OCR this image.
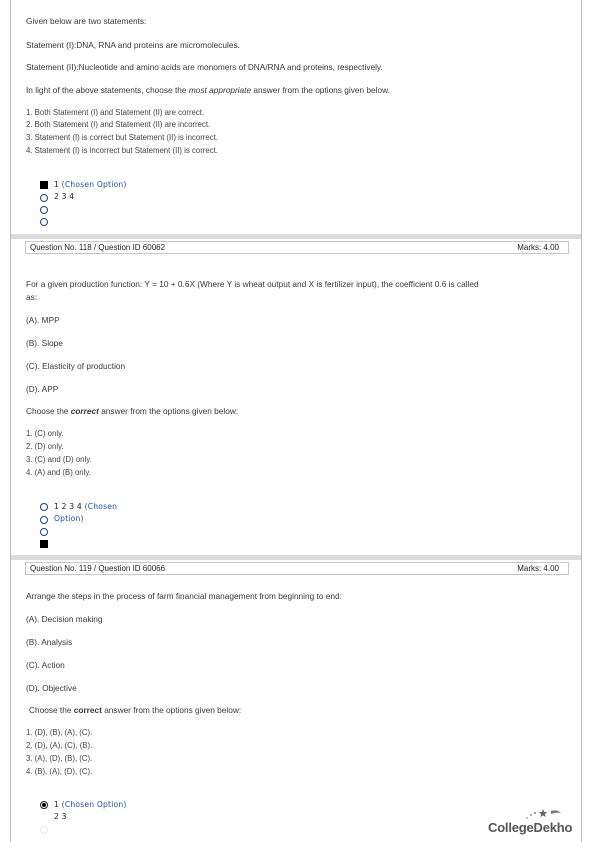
Given below are two statements:
Statement (I):DNA, RNA and proteins are micromolecules.
Statement (II):Nucleotide and amino acids are monomers of DNA/RNA and proteins, respectively.
In light of the above statements, choose the most appropriate answer from the options given below.
1. Both Statement (I) and Statement (II) are correct.
2. Both Statement (I) and Statement (II) are incorrect.
3. Statement (I) is correct but Statement (II) is incorrect.
4. Statement (I) is incorrect but Statement (II) is correct.
1 (Chosen Option)
2 3 4
Question No. 118 / Question ID 60062	Marks: 4.00
For a given production function: Y = 10 + 0.6X (Where Y is wheat output and X is fertilizer input), the coefficient 0.6 is called
as:
(A). MPP
(B). Slope
(C). Elasticity of production
(D). APP
Choose the correct answer from the options given below:
1. (C) only.
2. (D) only.
3. (C) and (D) only.
4. (A) and (B) only.
1 2 3 4 (Chosen
Option)
Question No. 119 / Question ID 60066	Marks: 4.00
Arrange the steps in the process of farm financial management from beginning to end:
(A). Decision making
(B). Analysis
(C). Action
(D). Objective
Choose the correct answer from the options given below:
1. (D), (B), (A), (C).
2. (D), (A), (C), (B).
3. (A), (D), (B), (C).
4. (B), (A), (D), (C).
1 (Chosen Option)
2 3
CollegeDekho
